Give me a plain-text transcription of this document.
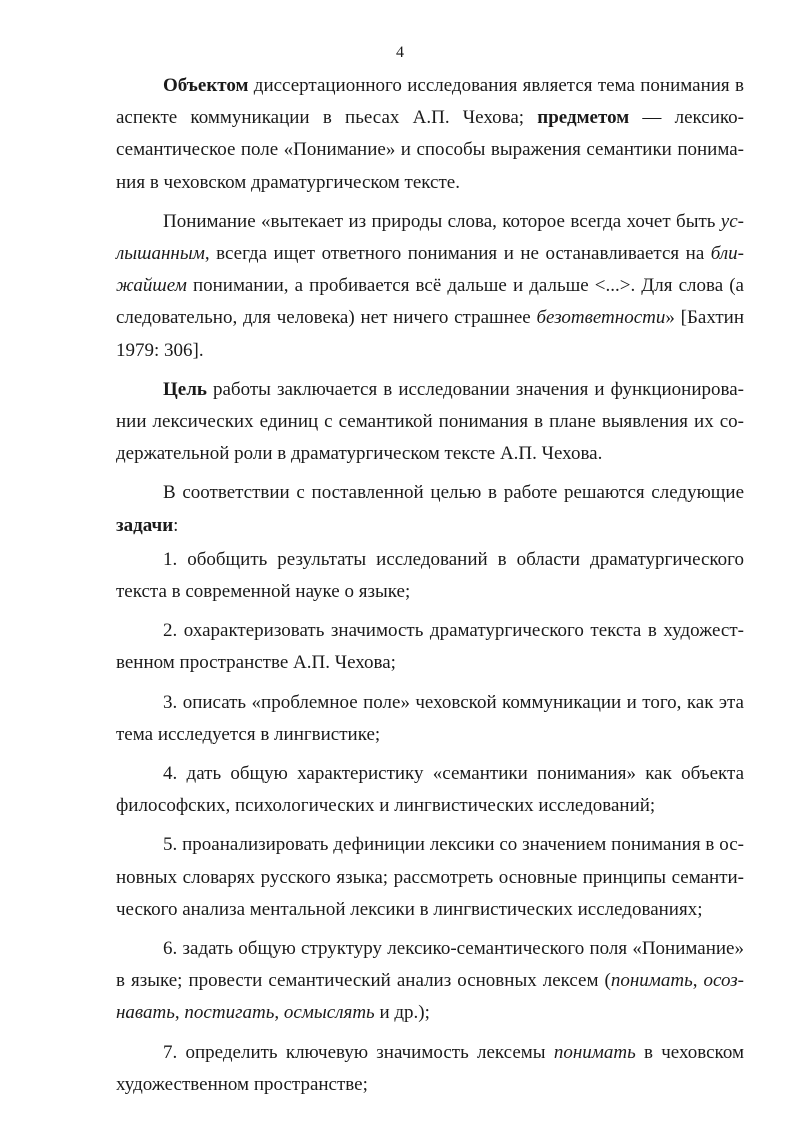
4

Объектом диссертационного исследования является тема понимания в аспекте коммуникации в пьесах А.П. Чехова; предметом — лексико-семантическое поле «Понимание» и способы выражения семантики понимания в чеховском драматургическом тексте.

Понимание «вытекает из природы слова, которое всегда хочет быть услышанным, всегда ищет ответного понимания и не останавливается на ближайшем понимании, а пробивается всё дальше и дальше <...>. Для слова (а следовательно, для человека) нет ничего страшнее безответности» [Бахтин 1979: 306].

Цель работы заключается в исследовании значения и функционировании лексических единиц с семантикой понимания в плане выявления их содержательной роли в драматургическом тексте А.П. Чехова.

В соответствии с поставленной целью в работе решаются следующие задачи:

1. обобщить результаты исследований в области драматургического текста в современной науке о языке;

2. охарактеризовать значимость драматургического текста в художественном пространстве А.П. Чехова;

3. описать «проблемное поле» чеховской коммуникации и того, как эта тема исследуется в лингвистике;

4. дать общую характеристику «семантики понимания» как объекта философских, психологических и лингвистических исследований;

5. проанализировать дефиниции лексики со значением понимания в основных словарях русского языка; рассмотреть основные принципы семантического анализа ментальной лексики в лингвистических исследованиях;

6. задать общую структуру лексико-семантического поля «Понимание» в языке; провести семантический анализ основных лексем (понимать, осознавать, постигать, осмыслять и др.);

7. определить ключевую значимость лексемы понимать в чеховском художественном пространстве;
